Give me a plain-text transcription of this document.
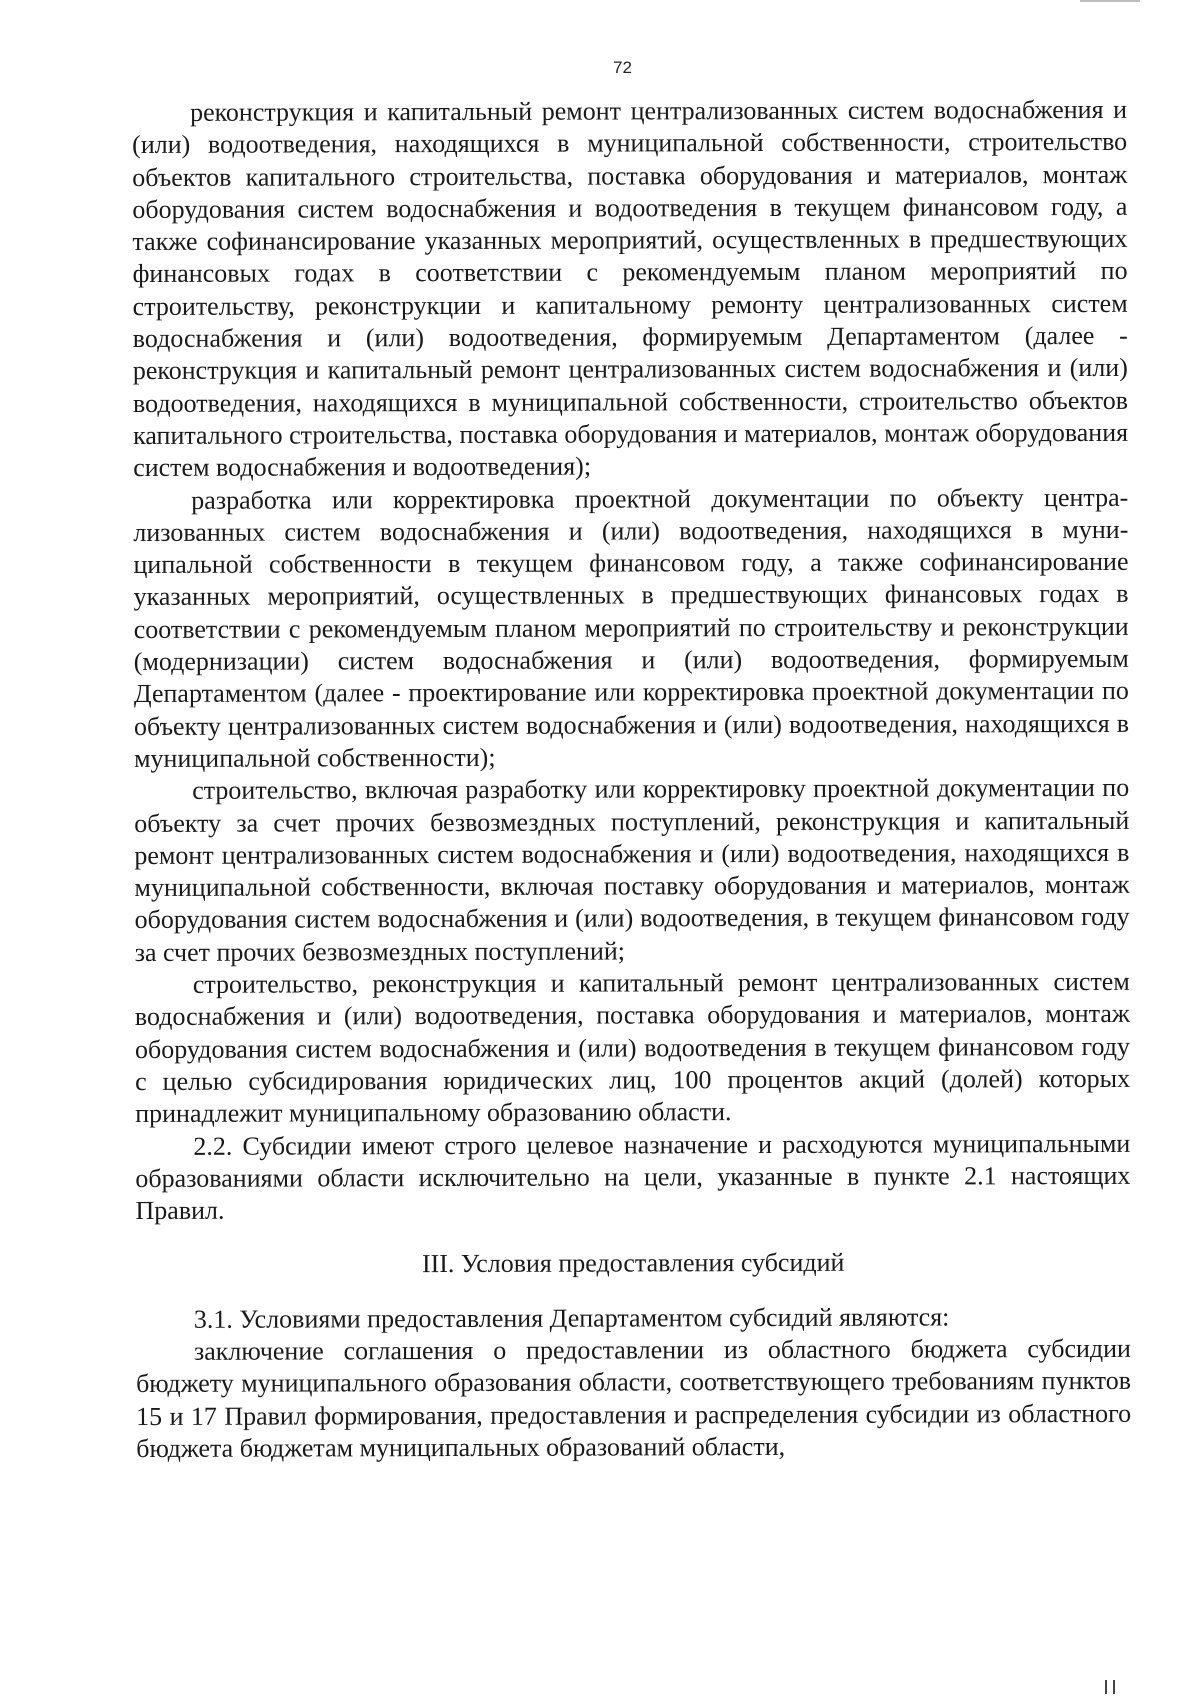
72

реконструкция и капитальный ремонт централизованных систем водоснабжения и (или) водоотведения, находящихся в муниципальной собственности, строительство объектов капитального строительства, поставка оборудования и материалов, монтаж оборудования систем водоснабжения и водоотведения в текущем финансовом году, а также софинансирование указанных мероприятий, осуществленных в предшествующих финансовых годах в соответствии с рекомендуемым планом мероприятий по строительству, реконструкции и капитальному ремонту централизованных систем водоснабжения и (или) водоотведения, формируемым Департаментом (далее - реконструкция и капитальный ремонт централизованных систем водоснабжения и (или) водоотведения, находящихся в муниципальной собственности, строительство объектов капитального строительства, поставка оборудования и материалов, монтаж оборудования систем водоснабжения и водоотведения);

разработка или корректировка проектной документации по объекту централизованных систем водоснабжения и (или) водоотведения, находящихся в муниципальной собственности в текущем финансовом году, а также софинансирование указанных мероприятий, осуществленных в предшествующих финансовых годах в соответствии с рекомендуемым планом мероприятий по строительству и реконструкции (модернизации) систем водоснабжения и (или) водоотведения, формируемым Департаментом (далее - проектирование или корректировка проектной документации по объекту централизованных систем водоснабжения и (или) водоотведения, находящихся в муниципальной собственности);

строительство, включая разработку или корректировку проектной документации по объекту за счет прочих безвозмездных поступлений, реконструкция и капитальный ремонт централизованных систем водоснабжения и (или) водоотведения, находящихся в муниципальной собственности, включая поставку оборудования и материалов, монтаж оборудования систем водоснабжения и (или) водоотведения, в текущем финансовом году за счет прочих безвозмездных поступлений;

строительство, реконструкция и капитальный ремонт централизованных систем водоснабжения и (или) водоотведения, поставка оборудования и материалов, монтаж оборудования систем водоснабжения и (или) водоотведения в текущем финансовом году с целью субсидирования юридических лиц, 100 процентов акций (долей) которых принадлежит муниципальному образованию области.

2.2. Субсидии имеют строго целевое назначение и расходуются муниципальными образованиями области исключительно на цели, указанные в пункте 2.1 настоящих Правил.

III. Условия предоставления субсидий

3.1. Условиями предоставления Департаментом субсидий являются:

заключение соглашения о предоставлении из областного бюджета субсидии бюджету муниципального образования области, соответствующего требованиям пунктов 15 и 17 Правил формирования, предоставления и распределения субсидии из областного бюджета бюджетам муниципальных образований области,
